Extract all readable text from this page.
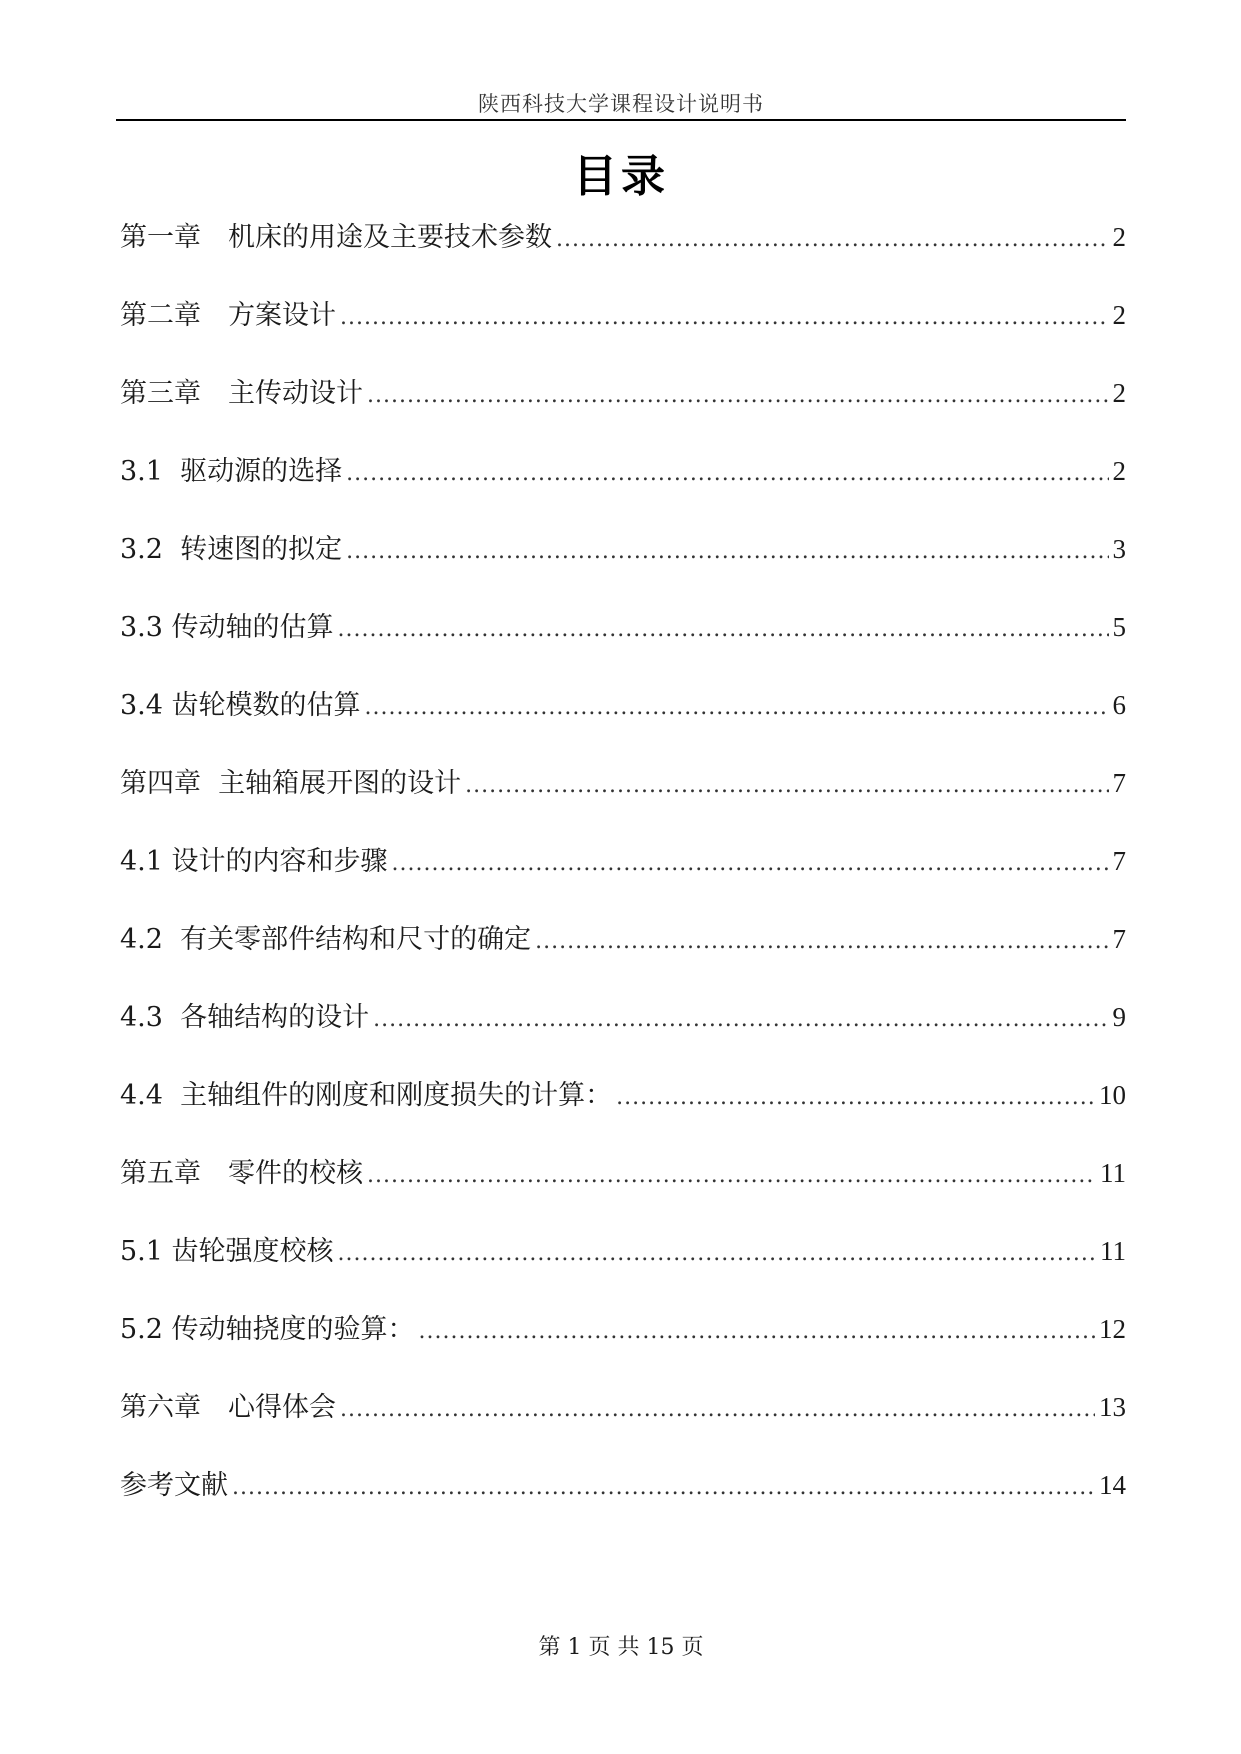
陕西科技大学课程设计说明书
目录
第一章　机床的用途及主要技术参数 .....	2
第二章　方案设计 .....	2
第三章　主传动设计 .....	2
3.1  驱动源的选择 .....	2
3.2  转速图的拟定 .....	3
3.3 传动轴的估算 .....	5
3.4 齿轮模数的估算 .....	6
第四章  主轴箱展开图的设计 .....	7
4.1 设计的内容和步骤 .....	7
4.2  有关零部件结构和尺寸的确定 .....	7
4.3  各轴结构的设计 .....	9
4.4  主轴组件的刚度和刚度损失的计算： .....	10
第五章　零件的校核 .....	11
5.1 齿轮强度校核 .....	11
5.2 传动轴挠度的验算： .....	12
第六章　心得体会 .....	13
参考文献 .....	14
第 1 页 共 15 页
